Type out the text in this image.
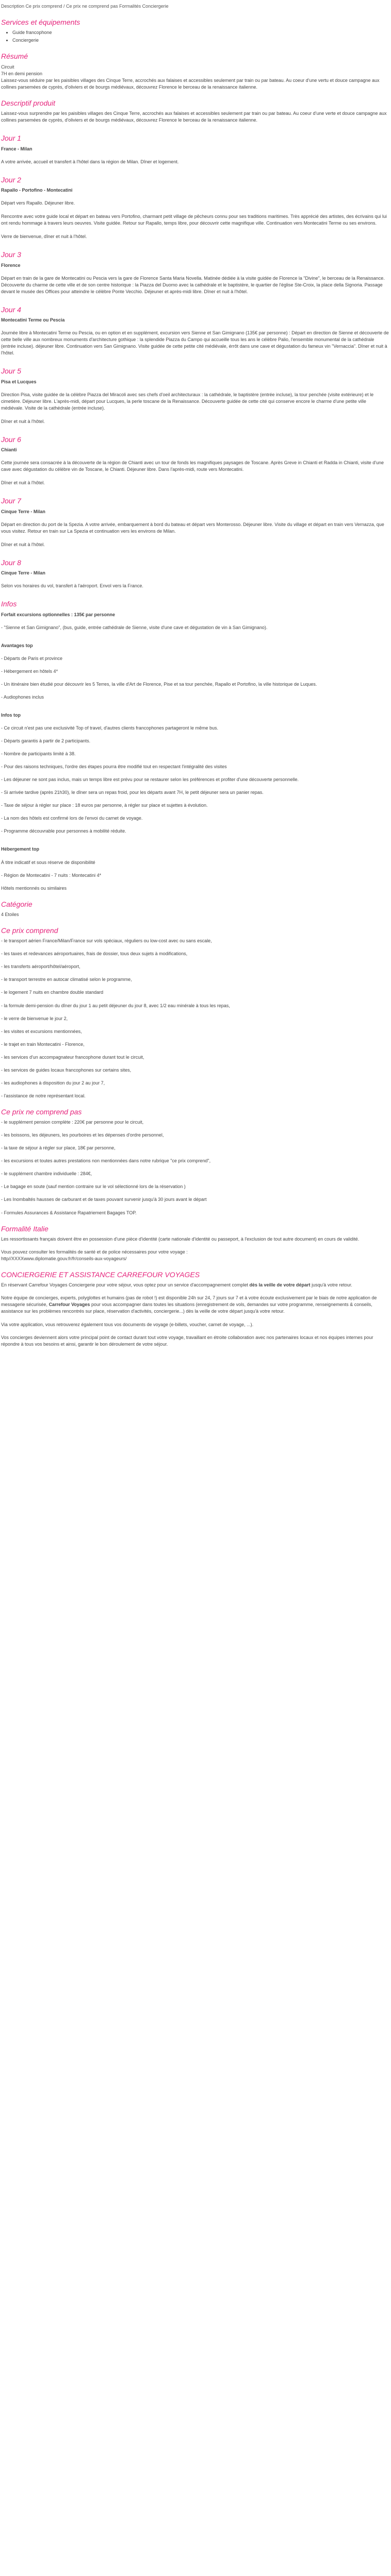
Description Ce prix comprend / Ce prix ne comprend pas Formalités Conciergerie
Services et équipements
• Guide francophone
• Conciergerie
Résumé

Circuit

7H en demi pension

Laissez-vous séduire par les paisibles villages des Cinque Terre, accrochés aux falaises et accessibles seulement par train ou par bateau. Au coeur d'une vertu et douce campagne aux collines parsemées de cyprès, d'oliviers et de bourgs médiévaux, découvrez Florence le berceau de la renaissance italienne.

Descriptif produit

Laissez-vous surprendre par les paisibles villages des Cinque Terre, accrochés aux falaises et accessibles seulement par train ou par bateau. Au coeur d'une verte et douce campagne aux collines parsemées de cyprès, d'oliviers et de bourgs médiévaux, découvrez Florence le berceau de la renaissance italienne.

Jour 1
France - Milan

A votre arrivée, accueil et transfert à l'hôtel dans la région de Milan. Dîner et logement.

Jour 2
Rapallo - Portofino - Montecatini

Départ vers Rapallo. Déjeuner libre.

Rencontre avec votre guide local et départ en bateau vers Portofino, charmant petit village de pêcheurs connu pour ses traditions maritimes. Très apprécié des artistes, des écrivains qui lui ont rendu hommage à travers leurs oeuvres. Visite guidée. Retour sur Rapallo, temps libre, pour découvrir cette magnifique ville. Continuation vers Montecatini Terme ou ses environs.

Verre de bienvenue, dîner et nuit à l'hôtel.

Jour 3
Florence

Départ en train de la gare de Montecatini ou Pescia vers la gare de Florence Santa Maria Novella. Matinée dédiée à la visite guidée de Florence la "Divine", le berceau de la Renaissance. Découverte du charme de cette ville et de son centre historique : la Piazza del Duomo avec la cathédrale et le baptistère, le quartier de l'église Ste-Croix, la place della Signoria. Passage devant le musée des Offices pour atteindre le célèbre Ponte Vecchio. Déjeuner et après-midi libre. Dîner et nuit à l'hôtel.

Jour 4
Montecatini Terme ou Pescia

Journée libre à Montecatini Terme ou Pescia, ou en option et en supplément, excursion vers Sienne et San Gimignano (135€ par personne) : Départ en direction de Sienne et découverte de cette belle ville aux nombreux monuments d'architecture gothique : la splendide Piazza du Campo qui accueille tous les ans le célèbre Palio, l'ensemble monumental de la cathédrale (entrée incluse). déjeuner libre. Continuation vers San Gimignano. Visite guidée de cette petite cité médiévale, érrôt dans une cave et dégustation du fameux vin "Vernaccia". Dîner et nuit à l'hôtel.

Jour 5
Pisa et Lucques

Direction Pisa, visite guidée de la célèbre Piazza del Miracoli avec ses chefs d'oeil architecturaux : la cathédrale, le baptistère (entrée incluse), la tour penchée (visite extérieure) et le cimetière. Déjeuner libre. L'après-midi, départ pour Lucques, la perle toscane de la Renaissance. Découverte guidée de cette cité qui conserve encore le charme d'une petite ville médiévale. Visite de la cathédrale (entrée incluse).

Dîner et nuit à l'hôtel.

Jour 6
Chianti

Cette journée sera consacrée à la découverte de la région de Chianti avec un tour de fonds les magnifiques paysages de Toscane. Après Greve in Chianti et Radda in Chianti, visite d'une cave avec dégustation du célèbre vin de Toscane, le Chianti. Déjeuner libre. Dans l'après-midi, route vers Montecatini.

Dîner et nuit à l'hôtel.

Jour 7
Cinque Terre - Milan

Départ en direction du port de la Spezia. A votre arrivée, embarquement à bord du bateau et départ vers Monterosso. Déjeuner libre. Visite du village et départ en train vers Vernazza, que vous visitez. Retour en train sur La Spezia et continuation vers les environs de Milan.

Dîner et nuit à l'hôtel.

Jour 8
Cinque Terre - Milan

Selon vos horaires du vol, transfert à l'aéroport. Envol vers la France.

Infos

Forfait excursions optionnelles : 135€ par personne

- "Sienne et San Gimignano", (bus, guide, entrée cathédrale de Sienne, visite d'une cave et dégustation de vin à San Gimignano).

Avantages top

- Départs de Paris et province

- Hébergement en hôtels 4*

- Un itinéraire bien étudié pour découvrir les 5 Terres, la ville d'Art de Florence, Pise et sa tour penchée, Rapallo et Portofino, la ville historique de Luques.

- Audiophones inclus

Infos top

- Ce circuit n'est pas une exclusivité Top of travel, d'autres clients francophones partageront le même bus.

- Départs garantis à partir de 2 participants.

- Nombre de participants limité à 38.

- Pour des raisons techniques, l'ordre des étapes pourra être modifié tout en respectant l'intégralité des visites

- Les déjeuner ne sont pas inclus, mais un temps libre est prévu pour se restaurer selon les préférences et profiter d'une découverte personnelle.

- Si arrivée tardive (après 21h30), le dîner sera un repas froid, pour les départs avant 7H, le petit déjeuner sera un panier repas.

- Taxe de séjour à régler sur place : 18 euros par personne, à régler sur place et sujettes à évolution.

- La nom des hôtels est confirmé lors de l'envoi du carnet de voyage.

- Programme découvrable pour personnes à mobilité réduite.

Hébergement top

À titre indicatif et sous réserve de disponibilité

- Région de Montecatini - 7 nuits : Montecatini 4*

Hôtels mentionnés ou similaires

Catégorie

4 Etoiles

Ce prix comprend

- le transport aérien France/Milan/France sur vols spéciaux, réguliers ou low-cost avec ou sans escale,

- les taxes et redevances aéroportuaires, frais de dossier, tous deux sujets à modifications,

- les transferts aéroport/hôtel/aéroport,

- le transport terrestre en autocar climatisé selon le programme,

- le logement 7 nuits en chambre double standard

- la formule demi-pension du dîner du jour 1 au petit déjeuner du jour 8, avec 1/2 eau minérale à tous les repas,

- le verre de bienvenue le jour 2,

- les visites et excursions mentionnées,

- le trajet en train Montecatini - Florence,

- les services d'un accompagnateur francophone durant tout le circuit,

- les services de guides locaux francophones sur certains sites,

- les audiophones à disposition du jour 2 au jour 7,

- l'assistance de notre représentant local.

Ce prix ne comprend pas

- le supplément pension complète : 220€ par personne pour le circuit,

- les boissons, les déjeuners, les pourboires et les dépenses d'ordre personnel,

- la taxe de séjour à régler sur place, 18€ par personne,

- les excursions et toutes autres prestations non mentionnées dans notre rubrique "ce prix comprend",

- le supplément chambre individuelle : 284€,

- Le bagage en soute (sauf mention contraire sur le vol sélectionné lors de la réservation )

- Les Inombaltés hausses de carburant et de taxes pouvant survenir jusqu'à 30 jours avant le départ

- Formules Assurances & Assistance Rapatriement Bagages TOP.

Formalité Italie

Les ressortissants français doivent être en possession d'une pièce d'identité (carte nationale d'identité ou passeport, à l'exclusion de tout autre document) en cours de validité.

Vous pouvez consulter les formalités de santé et de police nécessaires pour votre voyage :

http//XXXXwww.diplomatie.gouv.fr/fr/conseils-aux-voyageurs/

CONCIERGERIE ET ASSISTANCE CARREFOUR VOYAGES

En réservant Carrefour Voyages Conciergerie pour votre séjour, vous optez pour un service d'accompagnement complet dès la veille de votre départ jusqu'à votre retour.

Notre équipe de concierges, experts, polyglottes et humains (pas de robot !) est disponible 24h sur 24, 7 jours sur 7 et à votre écoute exclusivement par le biais de notre application de messagerie sécurisée, Carrefour Voyages pour vous accompagner dans toutes les situations (enregistrement de vols, demandes sur votre programme, renseignements & conseils, assistance sur les problèmes rencontrés sur place, réservation d'activités, conciergerie...) dès la veille de votre départ jusqu'à votre retour.

Via votre application, vous retrouverez également tous vos documents de voyage (e-billets, voucher, carnet de voyage, ...).

Vos concierges deviennent alors votre principal point de contact durant tout votre voyage, travaillant en étroite collaboration avec nos partenaires locaux et nos équipes internes pour répondre à tous vos besoins et ainsi, garantir le bon déroulement de votre séjour.
